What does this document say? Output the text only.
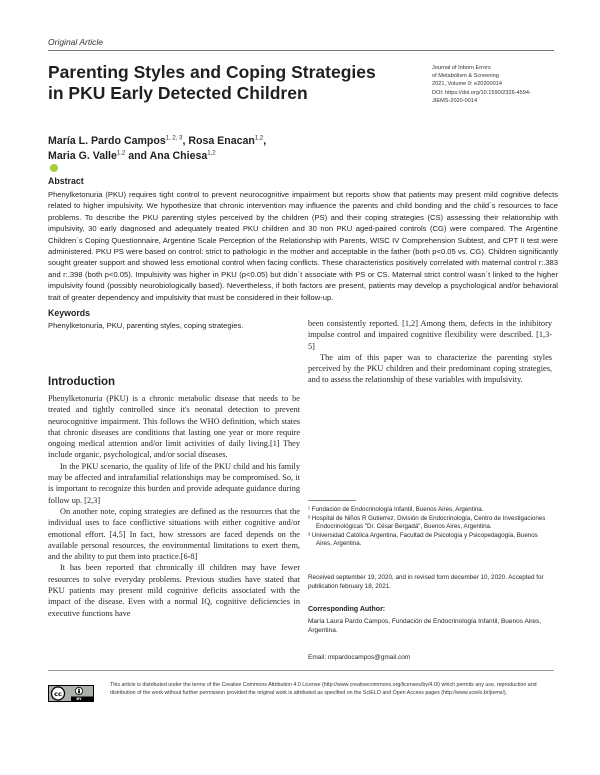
Original Article
Parenting Styles and Coping Strategies
in PKU Early Detected Children
Journal of Inborn Errors
of Metabolism & Screening
2021, Volume 9: e20200014
DOI: https://doi.org/10.1590/2326-4594-
JIEMS-2020-0014
María L. Pardo Campos$^{1, 2, 3}$, Rosa Enacan$^{1,2}$,
Maria G. Valle$^{1,2}$ and Ana Chiesa$^{1,2}$
Abstract
Phenylketonuria (PKU) requires tight control to prevent neurocognitive impairment but reports show that patients may present mild cognitive defects related to higher impulsivity. We hypothesize that chronic intervention may influence the parents and child bonding and the child´s resources to face problems. To describe the PKU parenting styles perceived by the children (PS) and their coping strategies (CS) assessing their relationship with impulsivity, 30 early diagnosed and adequately treated PKU children and 30 non PKU aged-paired controls (CG) were compared. The Argentine Children´s Coping Questionnaire, Argentine Scale Perception of the Relationship with Parents, WISC IV Comprehension Subtest, and CPT II test were administered. PKU PS were based on control: strict to pathologic in the mother and acceptable in the father (both p<0.05 vs. CG). Children significantly sought greater support and showed less emotional control when facing conflicts. These characteristics positively correlated with maternal control r:.383 and r:.398 (both p<0.05). Impulsivity was higher in PKU (p<0.05) but didn´t associate with PS or CS. Maternal strict control wasn´t linked to the higher impulsivity found (possibly neurobiologically based). Nevertheless, if both factors are present, patients may develop a psychological and/or behavioral trait of greater dependency and impulsivity that must be considered in their follow-up.
Keywords
Phenylketonuria, PKU, parenting styles, coping strategies.
Introduction

Phenylketonuria (PKU) is a chronic metabolic disease that needs to be treated and tightly controlled since it's neonatal detection to prevent neurocognitive impairment. This follows the WHO definition, which states that chronic diseases are conditions that lasting one year or more require ongoing medical attention and/or limit activities of daily living.[1] They include organic, psychological, and/or social diseases.

In the PKU scenario, the quality of life of the PKU child and his family may be affected and intrafamilial relationships may be compromised. So, it is important to recognize this burden and provide adequate guidance during follow up. [2,3]

On another note, coping strategies are defined as the resources that the individual uses to face conflictive situations with either cognitive and/or emotional effort. [4,5] In fact, how stressors are faced depends on the available personal resources, the environmental limitations to exert them, and the ability to put them into practice.[6-8]

It has been reported that chronically ill children may have fewer resources to solve everyday problems. Previous studies have stated that PKU patients may present mild cognitive deficits associated with the impact of the disease. Even with a normal IQ, cognitive deficiencies in executive functions have

been consistently reported. [1,2] Among them, defects in the inhibitory impulse control and impaired cognitive flexibility were described. [1,3-5]

The aim of this paper was to characterize the parenting styles perceived by the PKU children and their predominant coping strategies, and to assess the relationship of these variables with impulsivity.

¹ Fundación de Endocrinología Infantil, Buenos Aires, Argentina.
² Hospital de Niños R Gutierrez, División de Endocrinología, Centro de Investigaciones Endocrinológicas "Dr. César Bergadá", Buenos Aires, Argentina.
³ Universidad Católica Argentina, Facultad de Psicología y Psicopedagogía, Buenos Aires, Argentina.
Received september 19, 2020, and in revised form december 10, 2020. Accepted for publication february 18, 2021.
Corresponding Author:
María Laura Pardo Campos, Fundación de Endocrinología Infantil, Buenos Aires, Argentina.
Email: mlpardocampos@gmail.com
cc
BY
This article is distributed under the terms of the Creative Commons Attribution 4.0 License (http://www.creativecommons.org/licenses/by/4.0/) which permits any use, reproduction and distribution of the work without further permission provided the original work is attributed as specified on the SciELO and Open Access pages (http://www.scielo.br/jiems/).
